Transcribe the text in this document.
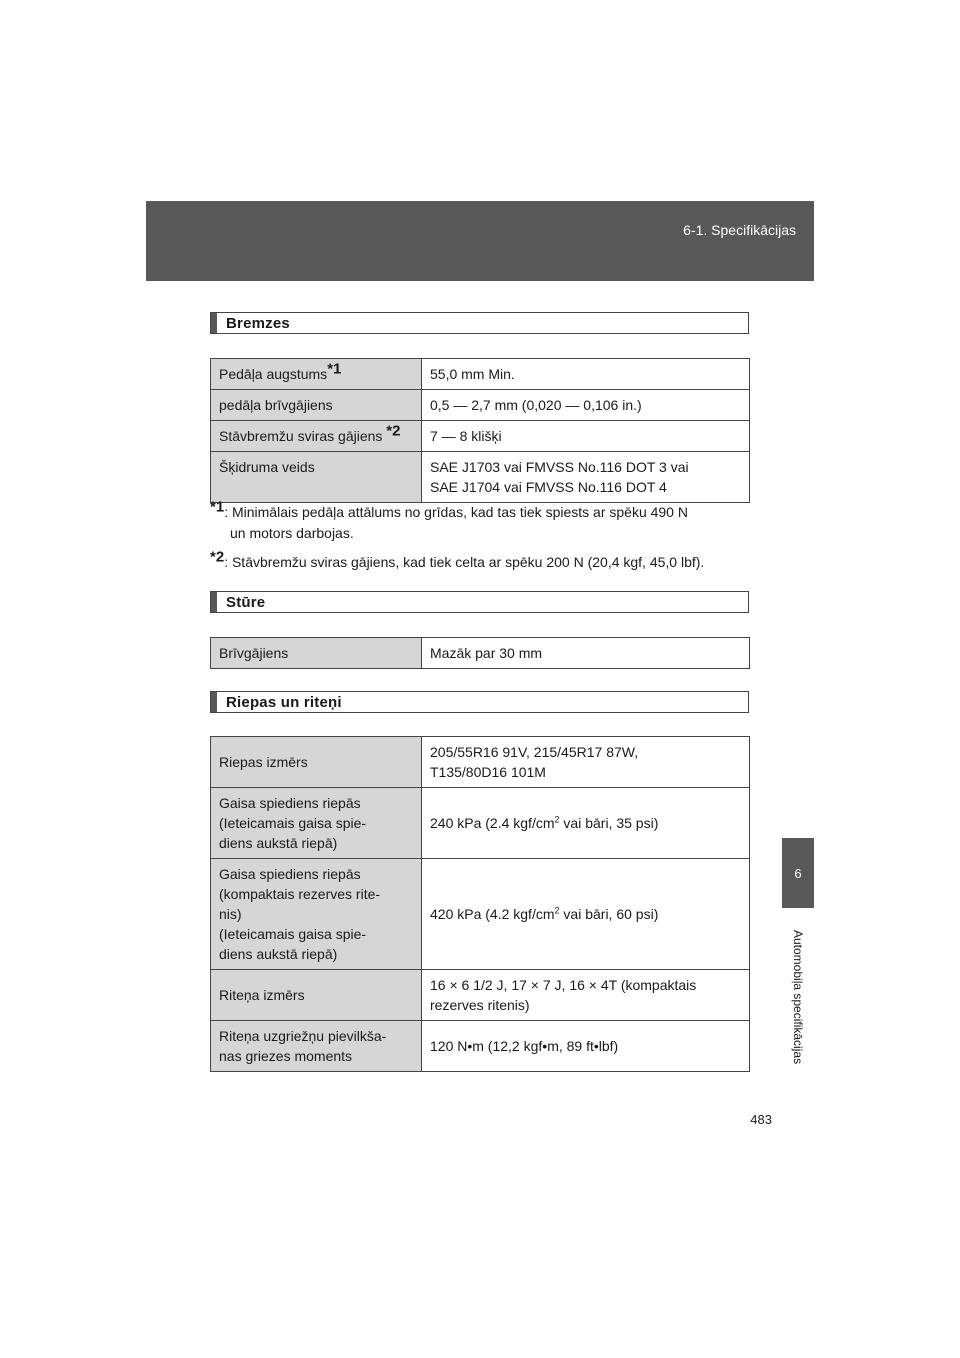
6-1. Specifikācijas
6
Automobiļa specifikācijas
483
Bremzes
Pedāļa augstums$^{*1}$	55,0 mm Min.
pedāļa brīvgājiens	0,5 — 2,7 mm (0,020 — 0,106 in.)
Stāvbremžu sviras gājiens $^{*2}$	7 — 8 klišķi
Šķidruma veids	SAE J1703 vai FMVSS No.116 DOT 3 vai
SAE J1704 vai FMVSS No.116 DOT 4
$^{*1}$: Minimālais pedāļa attālums no grīdas, kad tas tiek spiests ar spēku 490 N
un motors darbojas.
$^{*2}$: Stāvbremžu sviras gājiens, kad tiek celta ar spēku 200 N (20,4 kgf, 45,0 lbf).
Stūre
Brīvgājiens	Mazāk par 30 mm
Riepas un riteņi
Riepas izmērs	205/55R16 91V, 215/45R17 87W,
T135/80D16 101M

Gaisa spiediens riepās
(Ieteicamais gaisa spie-
diens aukstā riepā)	240 kPa (2.4 kgf/$cm^2$ vai bāri, 35 psi)

Gaisa spiediens riepās
(kompaktais rezerves rite-
nis)
(Ieteicamais gaisa spie-
diens aukstā riepā)	420 kPa (4.2 kgf/$cm^2$ vai bāri, 60 psi)
Riteņa izmērs	16 × 6 1/2 J, 17 × 7 J, 16 × 4T (kompaktais
rezerves ritenis)

Riteņa uzgriežņu pievilkša-
nas griezes moments	120 N•m (12,2 kgf•m, 89 ft•lbf)
